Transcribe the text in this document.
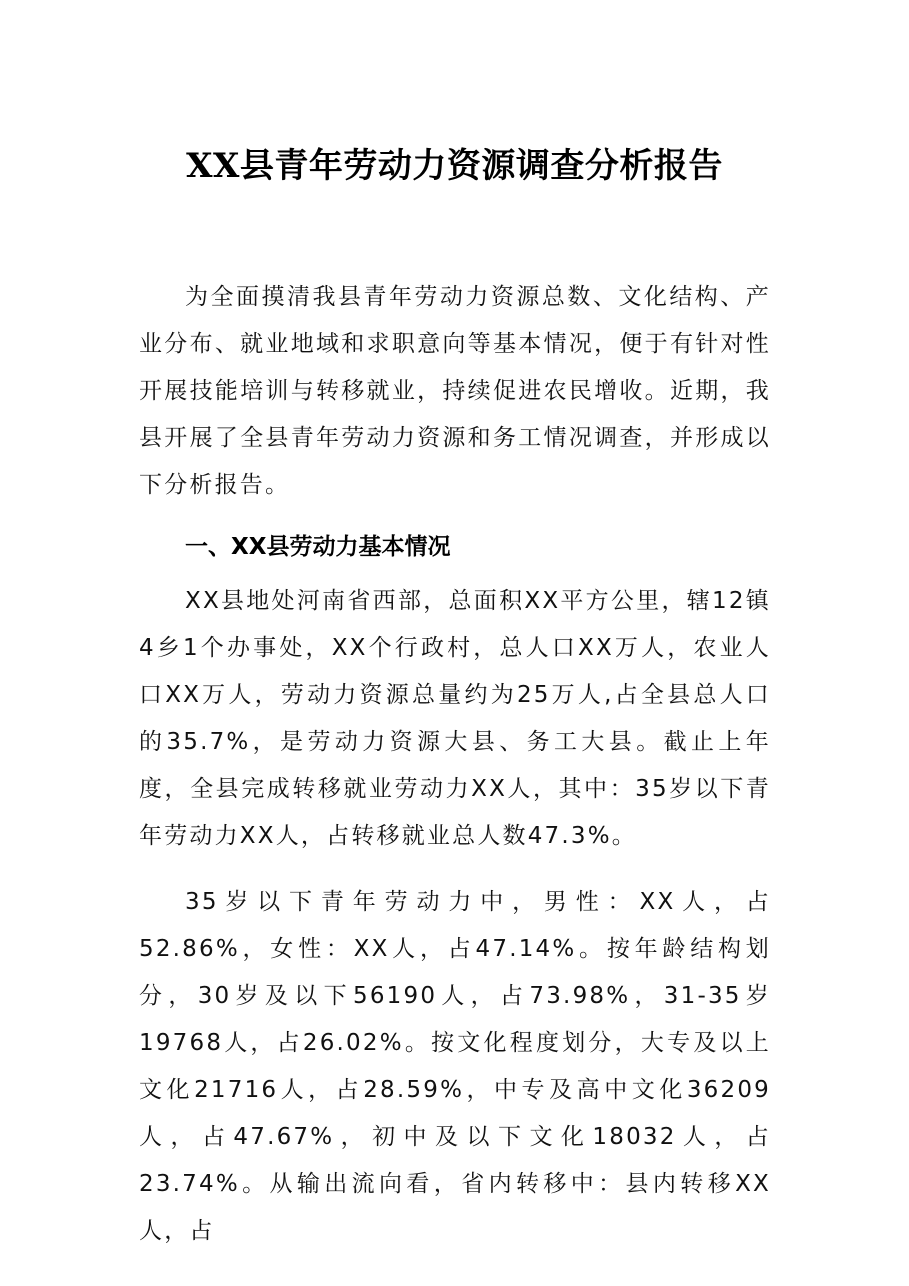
XX县青年劳动力资源调查分析报告

为全面摸清我县青年劳动力资源总数、文化结构、产业分布、就业地域和求职意向等基本情况，便于有针对性开展技能培训与转移就业，持续促进农民增收。近期，我县开展了全县青年劳动力资源和务工情况调查，并形成以下分析报告。

一、XX县劳动力基本情况

XX县地处河南省西部，总面积XX平方公里，辖12镇4乡1个办事处，XX个行政村，总人口XX万人，农业人口XX万人，劳动力资源总量约为25万人,占全县总人口的35.7%，是劳动力资源大县、务工大县。截止上年度，全县完成转移就业劳动力XX人，其中：35岁以下青年劳动力XX人，占转移就业总人数47.3%。

35岁以下青年劳动力中，男性：XX人，占52.86%，女性：XX人，占47.14%。按年龄结构划分，30岁及以下56190人，占73.98%，31-35岁19768人，占26.02%。按文化程度划分，大专及以上文化21716人，占28.59%，中专及高中文化36209人，占47.67%，初中及以下文化18032人，占23.74%。从输出流向看，省内转移中：县内转移XX人，占
